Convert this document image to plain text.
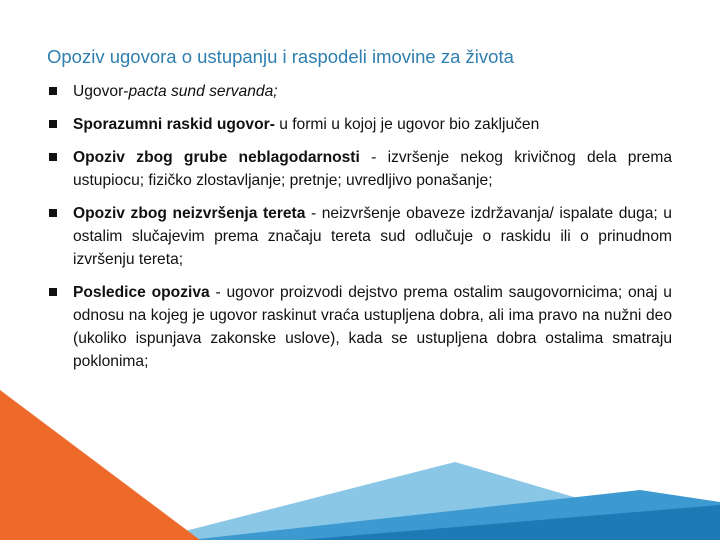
Opoziv ugovora o ustupanju i raspodeli imovine za života
Ugovor-pacta sund servanda;
Sporazumni raskid ugovor- u formi u kojoj je ugovor bio zaključen
Opoziv zbog grube neblagodarnosti - izvršenje nekog krivičnog dela prema ustupiocu; fizičko zlostavljanje; pretnje; uvredljivo ponašanje;
Opoziv zbog neizvršenja tereta - neizvršenje obaveze izdržavanja/ ispalate duga; u ostalim slučajevim prema značaju tereta sud odlučuje o raskidu ili o prinudnom izvršenju tereta;
Posledice opoziva - ugovor proizvodi dejstvo prema ostalim saugovornicima; onaj u odnosu na kojeg je ugovor raskinut vraća ustupljena dobra, ali ima pravo na nužni deo (ukoliko ispunjava zakonske uslove), kada se ustupljena dobra ostalima smatraju poklonima;
